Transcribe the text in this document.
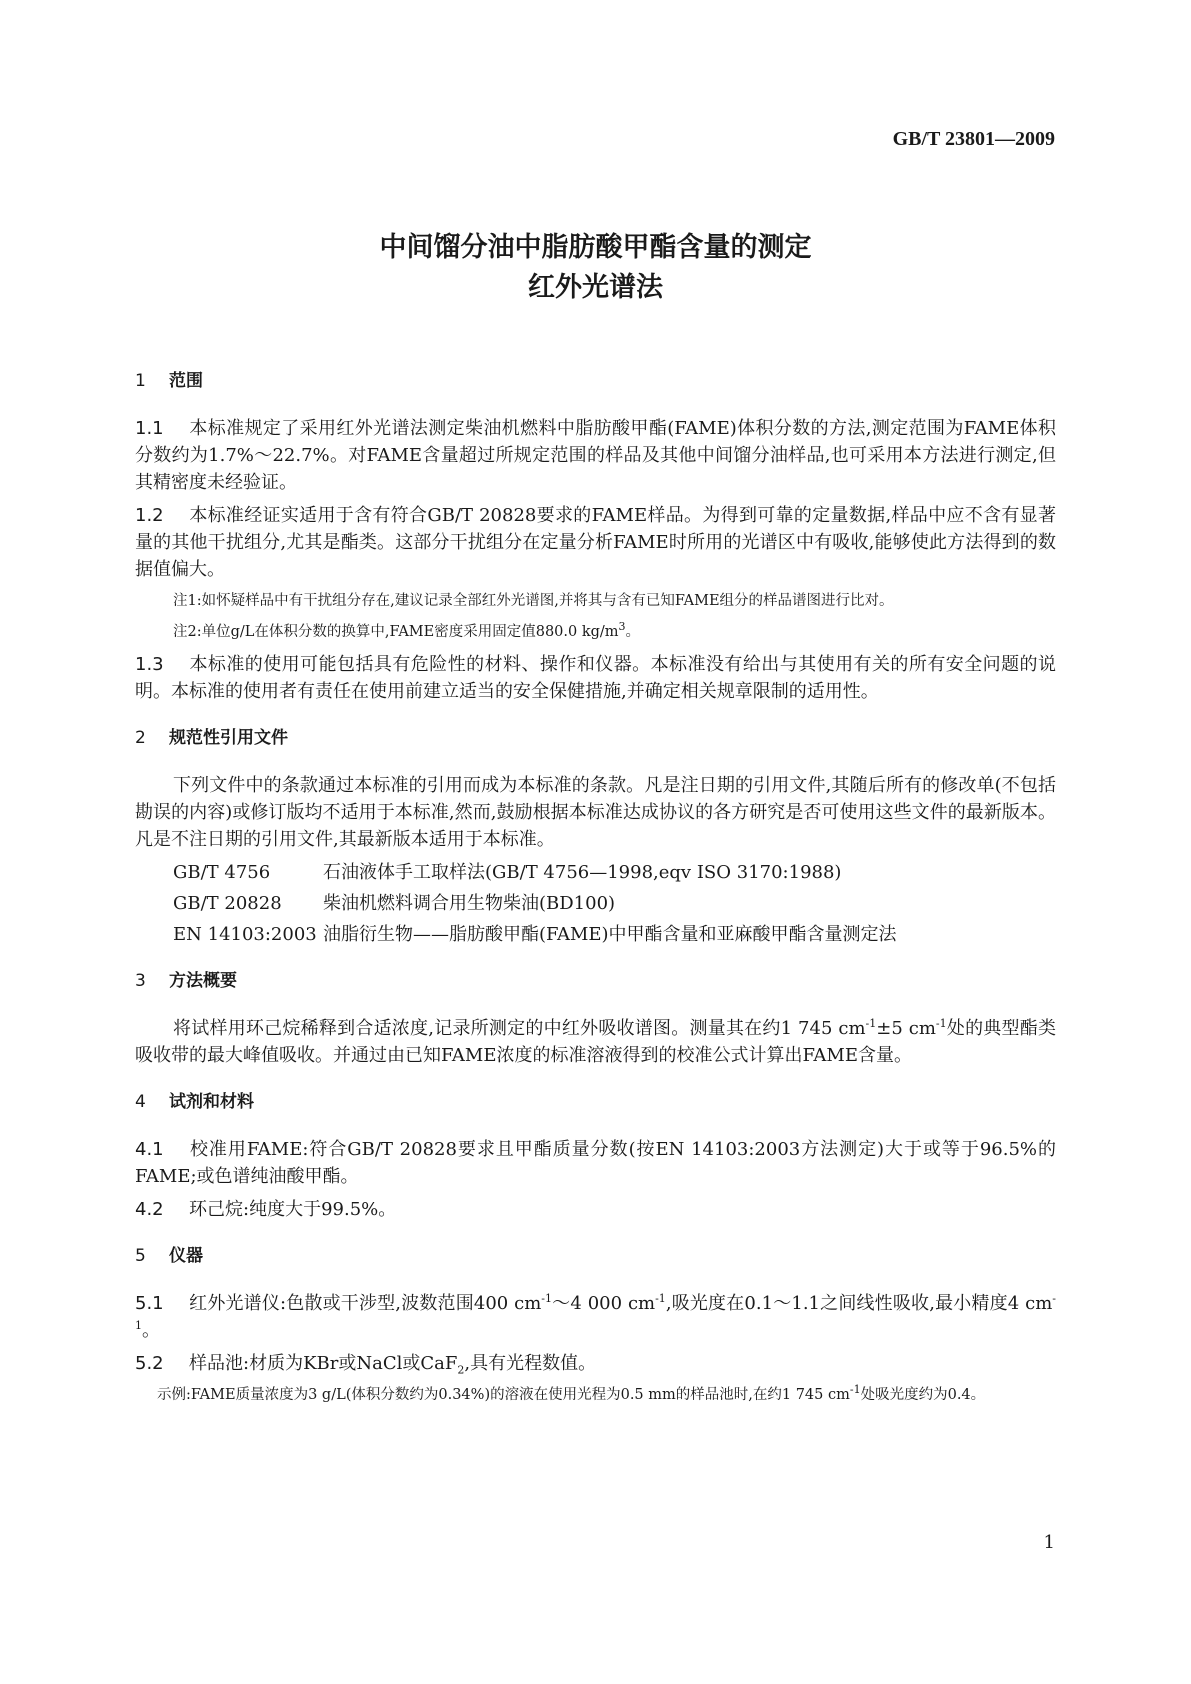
GB/T 23801—2009
中间馏分油中脂肪酸甲酯含量的测定
红外光谱法
1 范围
1.1 本标准规定了采用红外光谱法测定柴油机燃料中脂肪酸甲酯(FAME)体积分数的方法,测定范围为FAME体积分数约为1.7%～22.7%。对FAME含量超过所规定范围的样品及其他中间馏分油样品,也可采用本方法进行测定,但其精密度未经验证。
1.2 本标准经证实适用于含有符合GB/T 20828要求的FAME样品。为得到可靠的定量数据,样品中应不含有显著量的其他干扰组分,尤其是酯类。这部分干扰组分在定量分析FAME时所用的光谱区中有吸收,能够使此方法得到的数据值偏大。
注1:如怀疑样品中有干扰组分存在,建议记录全部红外光谱图,并将其与含有已知FAME组分的样品谱图进行比对。
注2:单位g/L在体积分数的换算中,FAME密度采用固定值880.0 $kg/m^3$。
1.3 本标准的使用可能包括具有危险性的材料、操作和仪器。本标准没有给出与其使用有关的所有安全问题的说明。本标准的使用者有责任在使用前建立适当的安全保健措施,并确定相关规章限制的适用性。
2 规范性引用文件
下列文件中的条款通过本标准的引用而成为本标准的条款。凡是注日期的引用文件,其随后所有的修改单(不包括勘误的内容)或修订版均不适用于本标准,然而,鼓励根据本标准达成协议的各方研究是否可使用这些文件的最新版本。凡是不注日期的引用文件,其最新版本适用于本标准。
GB/T 4756	石油液体手工取样法(GB/T 4756—1998,eqv ISO 3170:1988)
GB/T 20828 柴油机燃料调合用生物柴油(BD100)
EN 14103:2003 油脂衍生物——脂肪酸甲酯(FAME)中甲酯含量和亚麻酸甲酯含量测定法
3 方法概要
将试样用环己烷稀释到合适浓度,记录所测定的中红外吸收谱图。测量其在约1 745 $cm^{-1}\pm 5$ $cm^{-1}$处的典型酯类吸收带的最大峰值吸收。并通过由已知FAME浓度的标准溶液得到的校准公式计算出FAME含量。
4 试剂和材料
4.1 校准用FAME:符合GB/T 20828要求且甲酯质量分数(按EN 14103:2003方法测定)大于或等于96.5%的FAME;或色谱纯油酸甲酯。
4.2 环己烷:纯度大于99.5%。
5 仪器
5.1 红外光谱仪:色散或干涉型,波数范围400 $cm^{-1}\sim 4$ 000 $cm^{-1}$,吸光度在0.1～1.1之间线性吸收,最小精度4 $cm^{-1}$。
5.2 样品池:材质为KBr或NaCl或CaF$_2$,具有光程数值。
示例:FAME质量浓度为3 g/L(体积分数约为0.34%)的溶液在使用光程为0.5 mm的样品池时,在约1 745 $cm^{-1}$处吸光度约为0.4。
1
